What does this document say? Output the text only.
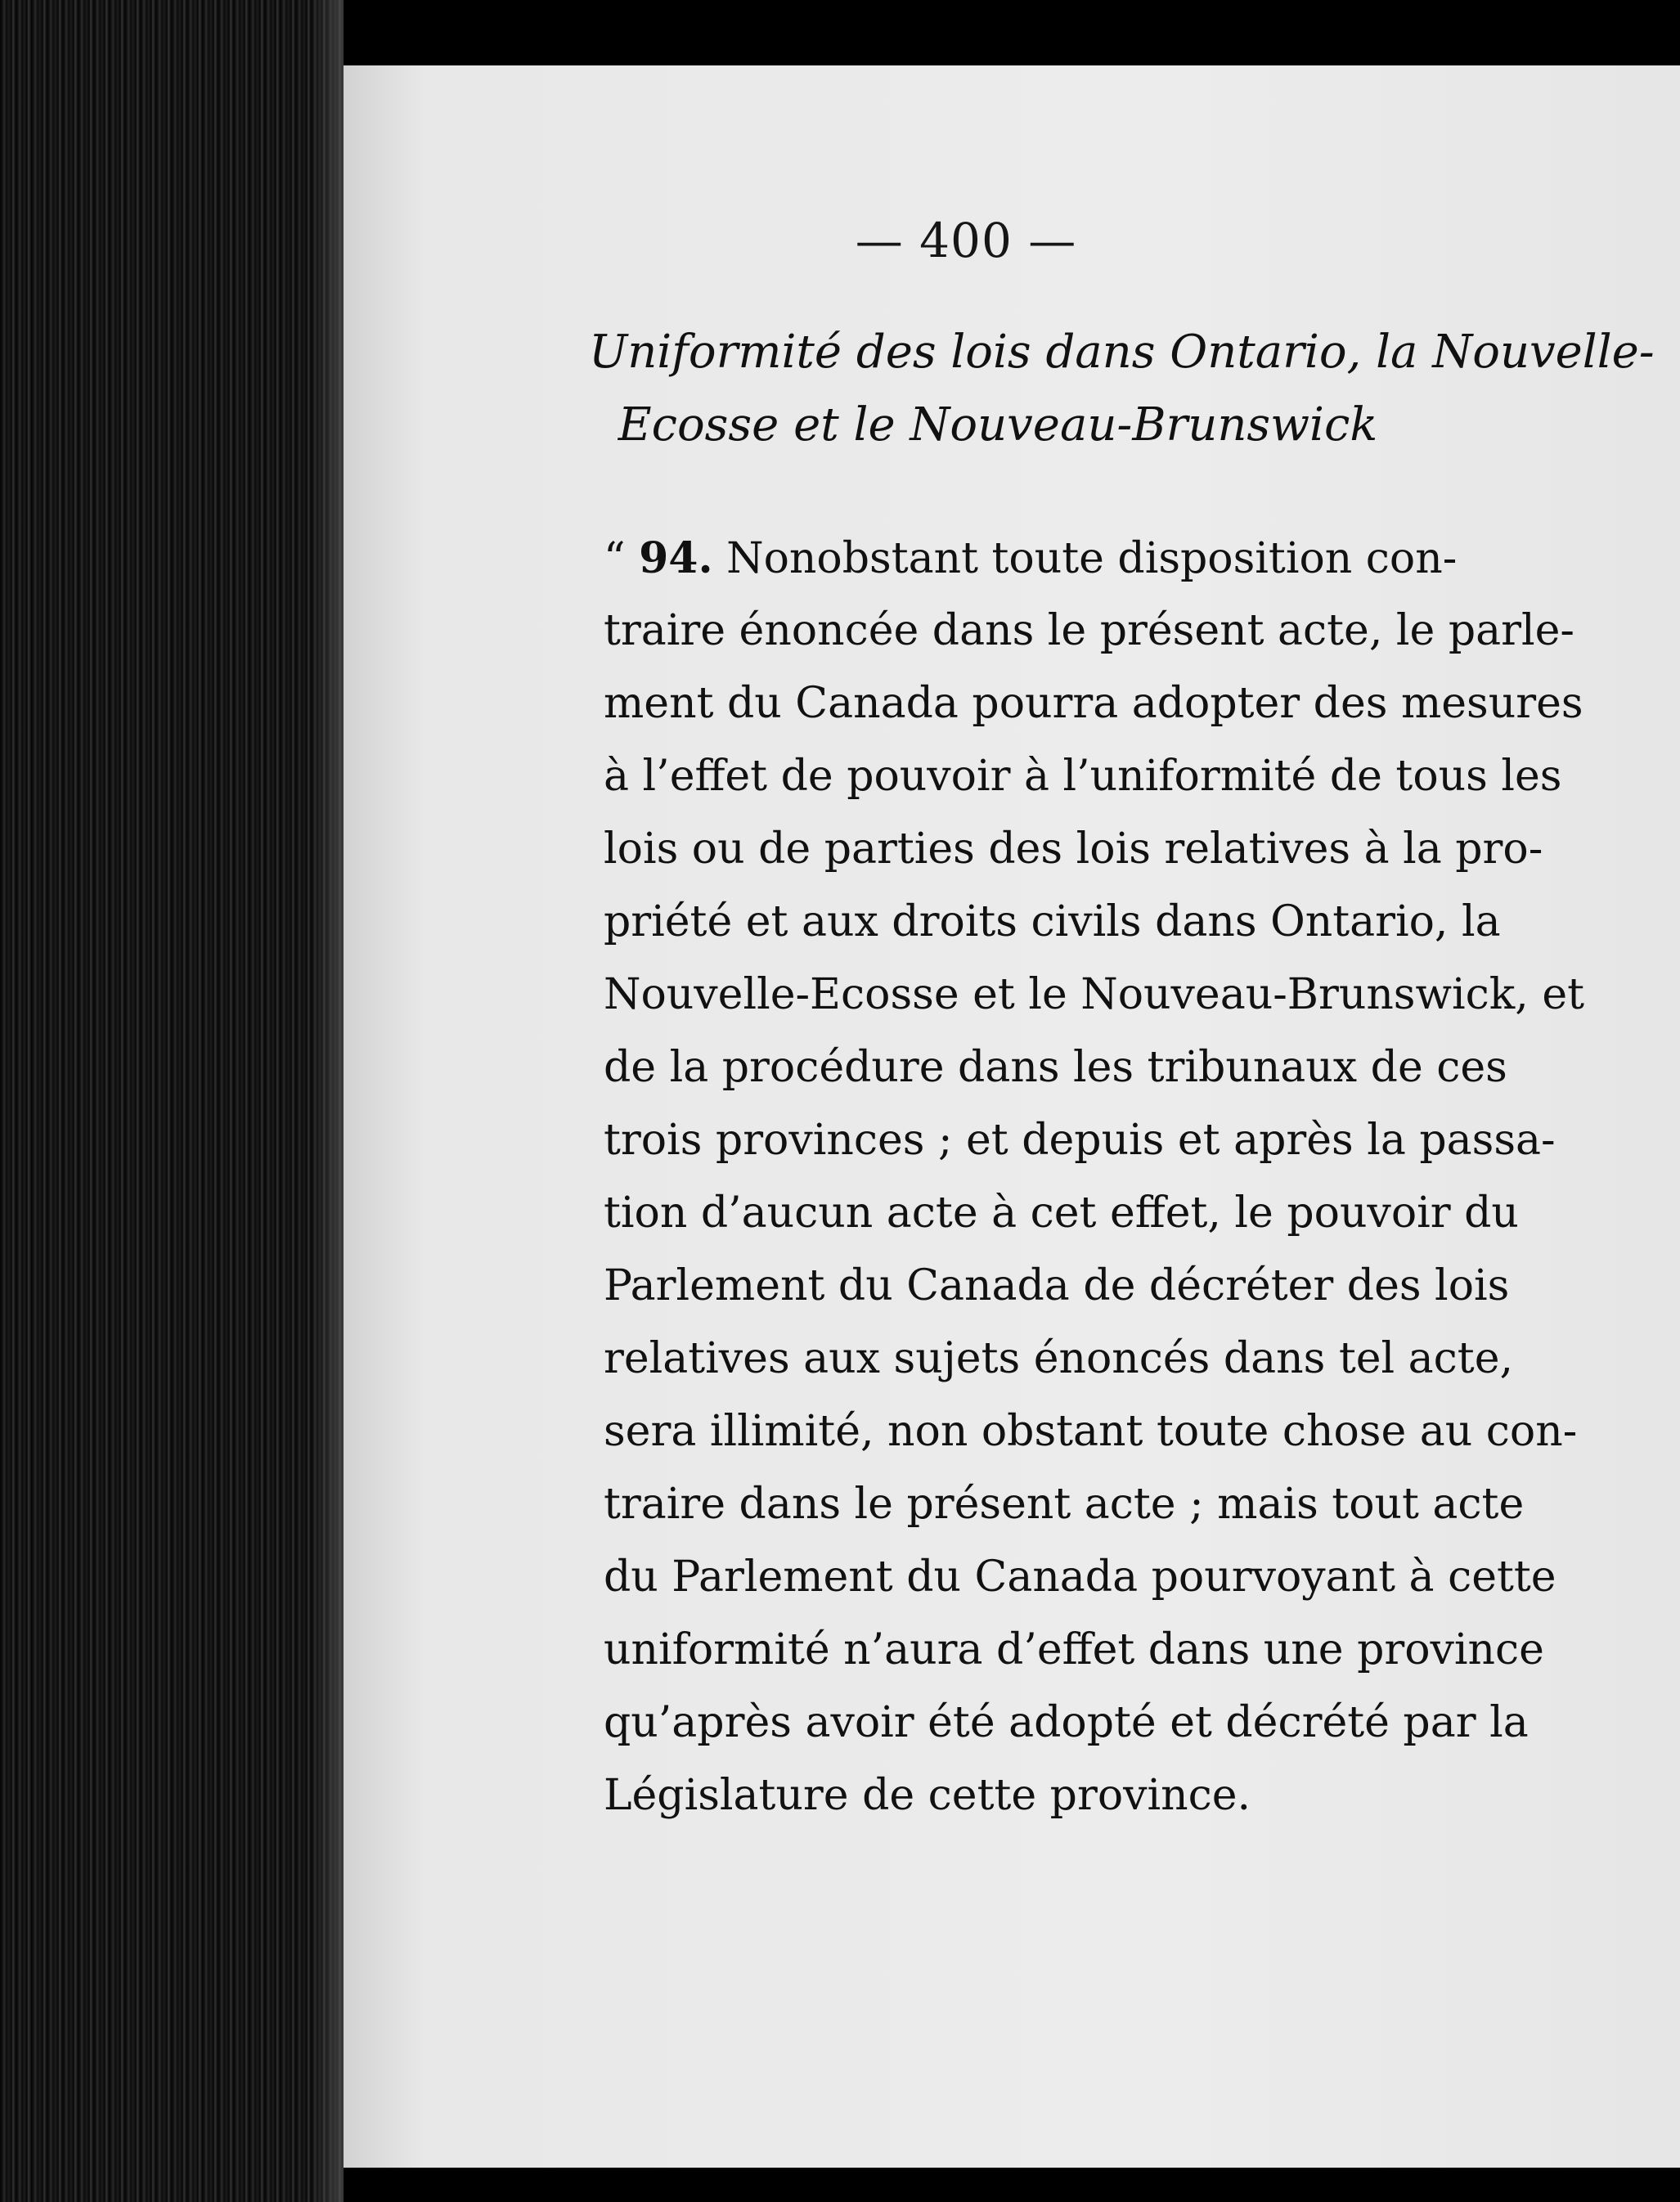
— 400 —
Uniformité des lois dans Ontario, la Nouvelle-
Ecosse et le Nouveau-Brunswick
“ 94. Nonobstant toute disposition con-
traire énoncée dans le présent acte, le parle-
ment du Canada pourra adopter des mesures
à l’effet de pouvoir à l’uniformité de tous les
lois ou de parties des lois relatives à la pro-
priété et aux droits civils dans Ontario, la
Nouvelle-Ecosse et le Nouveau-Brunswick, et
de la procédure dans les tribunaux de ces
trois provinces ; et depuis et après la passa-
tion d’aucun acte à cet effet, le pouvoir du
Parlement du Canada de décréter des lois
relatives aux sujets énoncés dans tel acte,
sera illimité, non obstant toute chose au con-
traire dans le présent acte ; mais tout acte
du Parlement du Canada pourvoyant à cette
uniformité n’aura d’effet dans une province
qu’après avoir été adopté et décrété par la
Législature de cette province.
